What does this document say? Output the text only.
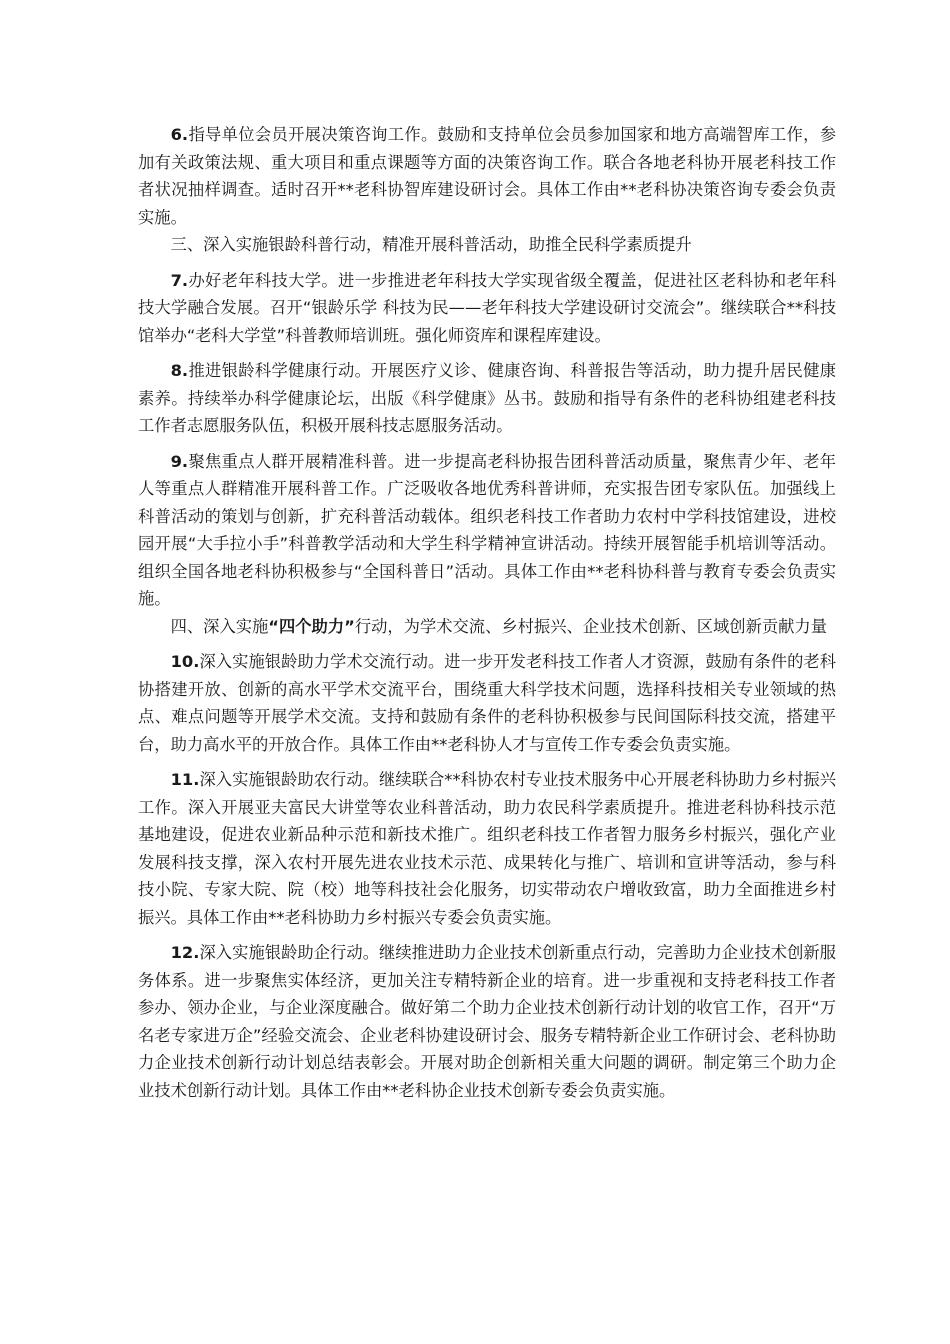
6.指导单位会员开展决策咨询工作。鼓励和支持单位会员参加国家和地方高端智库工作，参加有关政策法规、重大项目和重点课题等方面的决策咨询工作。联合各地老科协开展老科技工作者状况抽样调查。适时召开**老科协智库建设研讨会。具体工作由**老科协决策咨询专委会负责实施。

三、深入实施银龄科普行动，精准开展科普活动，助推全民科学素质提升

7.办好老年科技大学。进一步推进老年科技大学实现省级全覆盖，促进社区老科协和老年科技大学融合发展。召开“银龄乐学 科技为民——老年科技大学建设研讨交流会”。继续联合**科技馆举办“老科大学堂”科普教师培训班。强化师资库和课程库建设。

8.推进银龄科学健康行动。开展医疗义诊、健康咨询、科普报告等活动，助力提升居民健康素养。持续举办科学健康论坛，出版《科学健康》丛书。鼓励和指导有条件的老科协组建老科技工作者志愿服务队伍，积极开展科技志愿服务活动。

9.聚焦重点人群开展精准科普。进一步提高老科协报告团科普活动质量，聚焦青少年、老年人等重点人群精准开展科普工作。广泛吸收各地优秀科普讲师，充实报告团专家队伍。加强线上科普活动的策划与创新，扩充科普活动载体。组织老科技工作者助力农村中学科技馆建设，进校园开展“大手拉小手”科普教学活动和大学生科学精神宣讲活动。持续开展智能手机培训等活动。组织全国各地老科协积极参与“全国科普日”活动。具体工作由**老科协科普与教育专委会负责实施。

四、深入实施“四个助力”行动，为学术交流、乡村振兴、企业技术创新、区域创新贡献力量

10.深入实施银龄助力学术交流行动。进一步开发老科技工作者人才资源，鼓励有条件的老科协搭建开放、创新的高水平学术交流平台，围绕重大科学技术问题，选择科技相关专业领域的热点、难点问题等开展学术交流。支持和鼓励有条件的老科协积极参与民间国际科技交流，搭建平台，助力高水平的开放合作。具体工作由**老科协人才与宣传工作专委会负责实施。

11.深入实施银龄助农行动。继续联合**科协农村专业技术服务中心开展老科协助力乡村振兴工作。深入开展亚夫富民大讲堂等农业科普活动，助力农民科学素质提升。推进老科协科技示范基地建设，促进农业新品种示范和新技术推广。组织老科技工作者智力服务乡村振兴，强化产业发展科技支撑，深入农村开展先进农业技术示范、成果转化与推广、培训和宣讲等活动，参与科技小院、专家大院、院（校）地等科技社会化服务，切实带动农户增收致富，助力全面推进乡村振兴。具体工作由**老科协助力乡村振兴专委会负责实施。

12.深入实施银龄助企行动。继续推进助力企业技术创新重点行动，完善助力企业技术创新服务体系。进一步聚焦实体经济，更加关注专精特新企业的培育。进一步重视和支持老科技工作者参办、领办企业，与企业深度融合。做好第二个助力企业技术创新行动计划的收官工作，召开“万名老专家进万企”经验交流会、企业老科协建设研讨会、服务专精特新企业工作研讨会、老科协助力企业技术创新行动计划总结表彰会。开展对助企创新相关重大问题的调研。制定第三个助力企业技术创新行动计划。具体工作由**老科协企业技术创新专委会负责实施。
